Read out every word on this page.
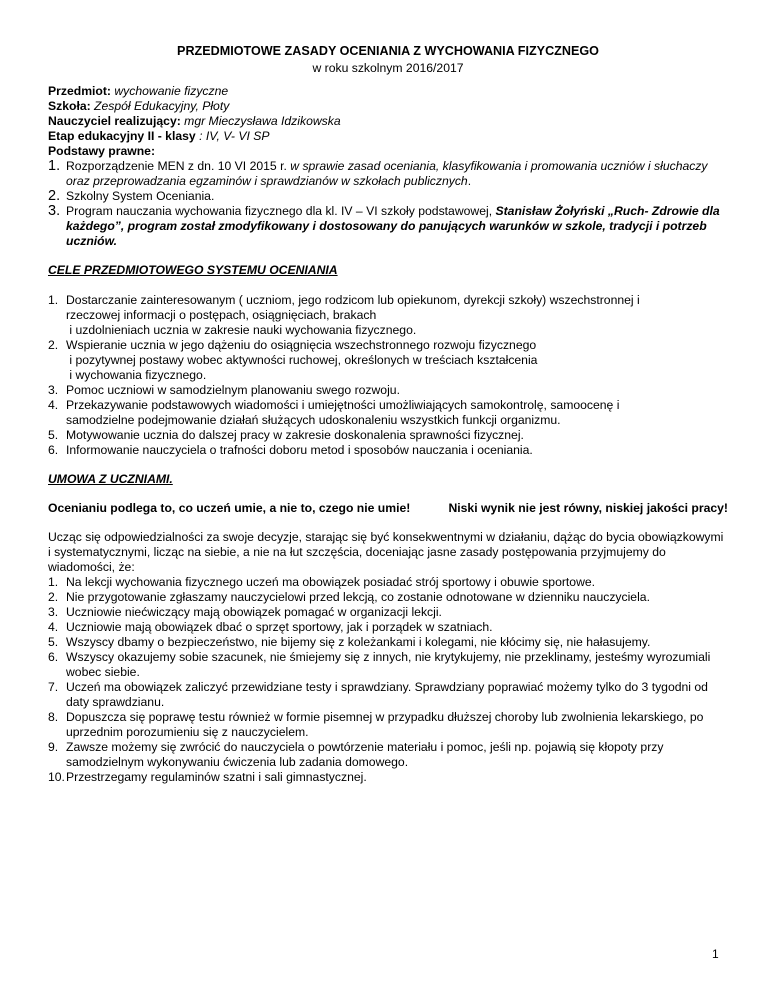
PRZEDMIOTOWE ZASADY OCENIANIA Z WYCHOWANIA FIZYCZNEGO

w roku szkolnym 2016/2017

Przedmiot: wychowanie fizyczne

Szkoła: Zespół Edukacyjny, Płoty

Nauczyciel realizujący: mgr Mieczysława Idzikowska

Etap edukacyjny II - klasy : IV, V- VI SP

Podstawy prawne:

1. Rozporządzenie MEN z dn. 10 VI 2015 r. w sprawie zasad oceniania, klasyfikowania i promowania uczniów i słuchaczy oraz przeprowadzania egzaminów i sprawdzianów w szkołach publicznych.
2. Szkolny System Oceniania.
3. Program nauczania wychowania fizycznego dla kl. IV – VI szkoły podstawowej, Stanisław Żołyński „Ruch- Zdrowie dla każdego”, program został zmodyfikowany i dostosowany do panujących warunków w szkole, tradycji i potrzeb uczniów.

CELE PRZEDMIOTOWEGO SYSTEMU OCENIANIA

1. Dostarczanie zainteresowanym ( uczniom, jego rodzicom lub opiekunom, dyrekcji szkoły) wszechstronnej i
rzeczowej informacji o postępach, osiągnięciach, brakach
i uzdolnieniach ucznia w zakresie nauki wychowania fizycznego.
2. Wspieranie ucznia w jego dążeniu do osiągnięcia wszechstronnego rozwoju fizycznego
i pozytywnej postawy wobec aktywności ruchowej, określonych w treściach kształcenia
i wychowania fizycznego.
3. Pomoc uczniowi w samodzielnym planowaniu swego rozwoju.
4. Przekazywanie podstawowych wiadomości i umiejętności umożliwiających samokontrolę, samoocenę i
samodzielne podejmowanie działań służących udoskonaleniu wszystkich funkcji organizmu.
5. Motywowanie ucznia do dalszej pracy w zakresie doskonalenia sprawności fizycznej.
6. Informowanie nauczyciela o trafności doboru metod i sposobów nauczania i oceniania.

UMOWA Z UCZNIAMI.

Ocenianiu podlega to, co uczeń umie, a nie to, czego nie umie!	Niski wynik nie jest równy, niskiej jakości pracy!

Ucząc się odpowiedzialności za swoje decyzje, starając się być konsekwentnymi w działaniu, dążąc do bycia obowiązkowymi i systematycznymi, licząc na siebie, a nie na łut szczęścia, doceniając jasne zasady postępowania przyjmujemy do wiadomości, że:

1. Na lekcji wychowania fizycznego uczeń ma obowiązek posiadać strój sportowy i obuwie sportowe.
2. Nie przygotowanie zgłaszamy nauczycielowi przed lekcją, co zostanie odnotowane w dzienniku nauczyciela.
3. Uczniowie niećwiczący mają obowiązek pomagać w organizacji lekcji.
4. Uczniowie mają obowiązek dbać o sprzęt sportowy, jak i porządek w szatniach.
5. Wszyscy dbamy o bezpieczeństwo, nie bijemy się z koleżankami i kolegami, nie kłócimy się, nie hałasujemy.
6. Wszyscy okazujemy sobie szacunek, nie śmiejemy się z innych, nie krytykujemy, nie przeklinamy, jesteśmy wyrozumiali wobec siebie.
7. Uczeń ma obowiązek zaliczyć przewidziane testy i sprawdziany. Sprawdziany poprawiać możemy tylko do 3 tygodni od daty sprawdzianu.
8. Dopuszcza się poprawę testu również w formie pisemnej w przypadku dłuższej choroby lub zwolnienia lekarskiego, po uprzednim porozumieniu się z nauczycielem.
9. Zawsze możemy się zwrócić do nauczyciela o powtórzenie materiału i pomoc, jeśli np. pojawią się kłopoty przy samodzielnym wykonywaniu ćwiczenia lub zadania domowego.
10. Przestrzegamy regulaminów szatni i sali gimnastycznej.
1
